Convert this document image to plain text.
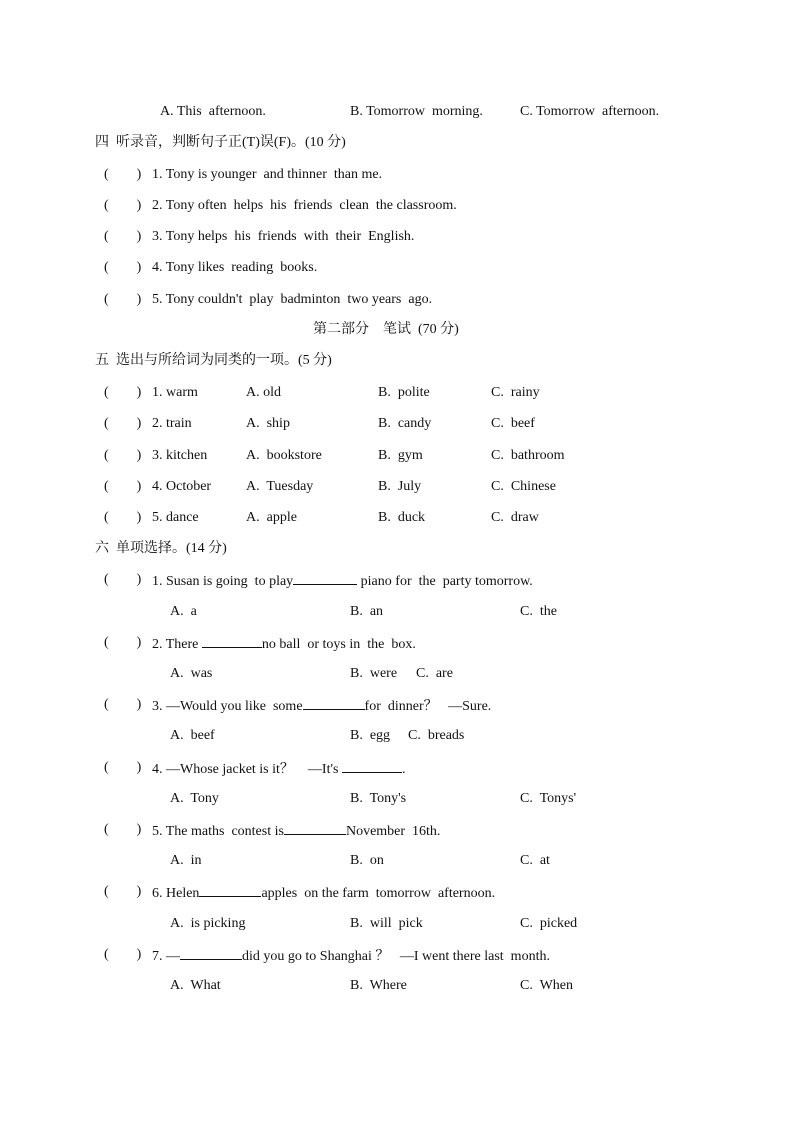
A. This  afternoon.	B. Tomorrow  morning.	C. Tomorrow  afternoon.
四  听录音，判断句子正(T)误(F)。(10 分)
(        ) 1. Tony is younger  and thinner  than me.
(        ) 2. Tony often  helps  his  friends  clean  the classroom.
(        ) 3. Tony helps  his  friends  with  their  English.
(        ) 4. Tony likes  reading  books.
(        ) 5. Tony couldn't  play  badminton  two years  ago.
第二部分    笔试  (70 分)
五  选出与所给词为同类的一项。(5 分)
(        ) 1. warm	A. old	B.  polite	C.  rainy
(        ) 2. train	A.  ship	B.  candy	C.  beef
(        ) 3. kitchen	A.  bookstore	B.  gym	C.  bathroom
(        ) 4. October A.  Tuesday	B.  July	C.  Chinese
(        ) 5. dance	A.  apple	B.  duck	C.  draw
六  单项选择。(14 分)
(        ) 1. Susan is going  to play	piano for  the  party tomorrow.
A.  a	B.  an	C.  the
(        ) 2. There	no ball  or toys in  the  box.
A.  was	B.  were C.  are
(        ) 3. —Would you like  some	for  dinner？   —Sure.
A.  beef	B.  egg C.  breads
(        ) 4. —Whose jacket is it？    —It's	.
A.  Tony	B.  Tony's	C.  Tonys'
(        ) 5. The maths  contest is	November  16th.
A.  in	B.  on	C.  at
(        ) 6. Helen	apples  on the farm  tomorrow  afternoon.
A.  is picking	B.  will  pick	C.  picked
(        ) 7. —	did you go to Shanghai ？   —I went there last  month.
A.  What	B.  Where	C.  When
